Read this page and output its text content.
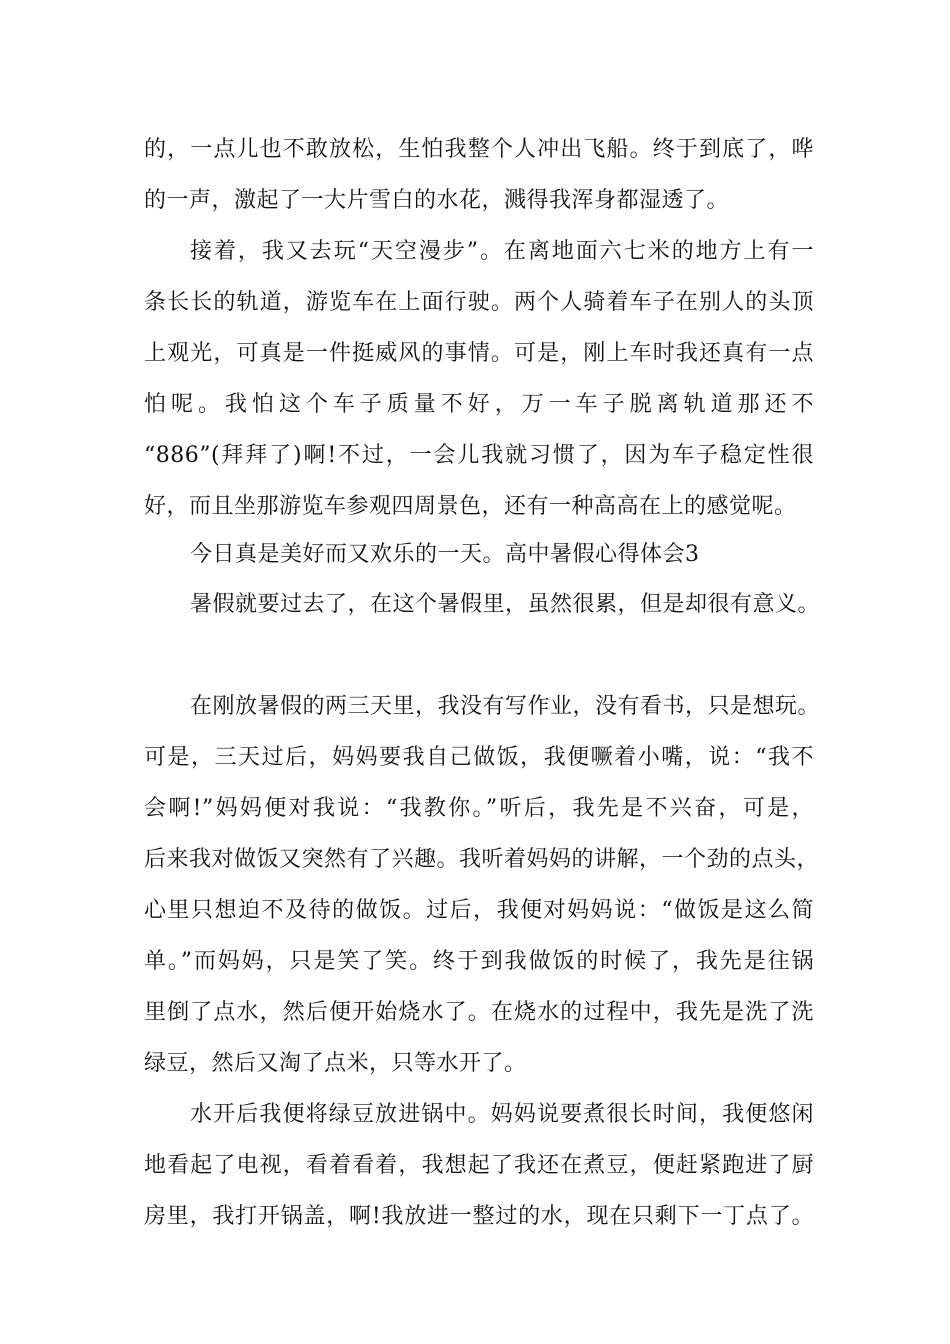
的，一点儿也不敢放松，生怕我整个人冲出飞船。终于到底了，哗
的一声，激起了一大片雪白的水花，溅得我浑身都湿透了。
接着，我又去玩“天空漫步”。在离地面六七米的地方上有一
条长长的轨道，游览车在上面行驶。两个人骑着车子在别人的头顶
上观光，可真是一件挺威风的事情。可是，刚上车时我还真有一点
怕呢。我怕这个车子质量不好，万一车子脱离轨道那还不
“886”(拜拜了)啊!不过，一会儿我就习惯了，因为车子稳定性很
好，而且坐那游览车参观四周景色，还有一种高高在上的感觉呢。
今日真是美好而又欢乐的一天。高中暑假心得体会3
暑假就要过去了，在这个暑假里，虽然很累，但是却很有意义。
在刚放暑假的两三天里，我没有写作业，没有看书，只是想玩。
可是，三天过后，妈妈要我自己做饭，我便噘着小嘴，说：“我不
会啊!”妈妈便对我说：“我教你。”听后，我先是不兴奋，可是，
后来我对做饭又突然有了兴趣。我听着妈妈的讲解，一个劲的点头，
心里只想迫不及待的做饭。过后，我便对妈妈说：“做饭是这么简
单。”而妈妈，只是笑了笑。终于到我做饭的时候了，我先是往锅
里倒了点水，然后便开始烧水了。在烧水的过程中，我先是洗了洗
绿豆，然后又淘了点米，只等水开了。
水开后我便将绿豆放进锅中。妈妈说要煮很长时间，我便悠闲
地看起了电视，看着看着，我想起了我还在煮豆，便赶紧跑进了厨
房里，我打开锅盖，啊!我放进一整过的水，现在只剩下一丁点了。
